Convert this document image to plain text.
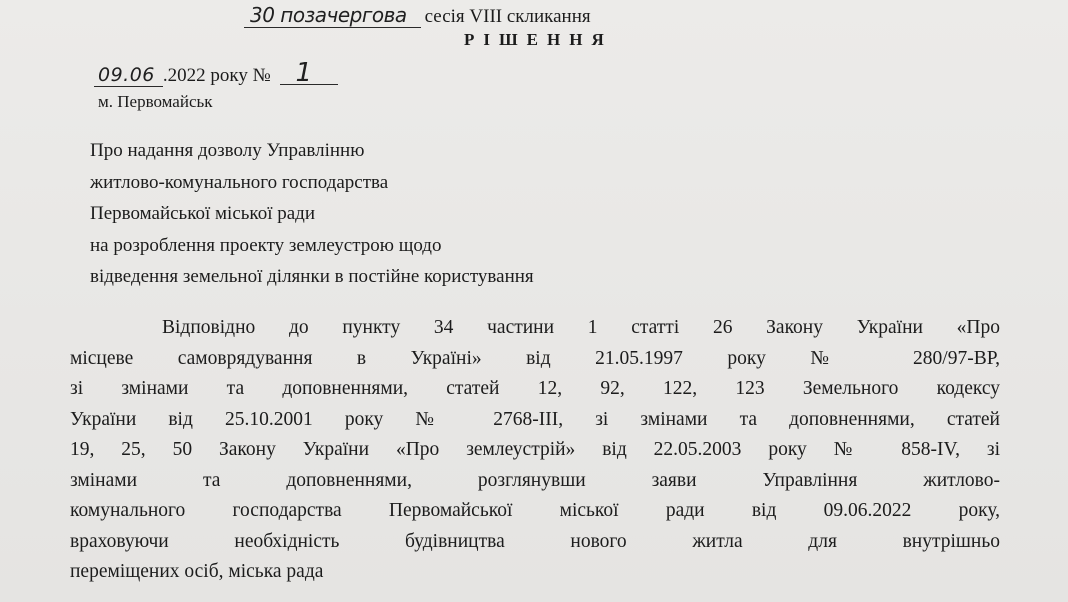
30 позачергова сесія VIII скликання
РІШЕННЯ
09.06 .2022 року № 1
м. Первомайськ
Про надання дозволу Управлінню
житлово-комунального господарства
Первомайської міської ради
на розроблення проекту землеустрою щодо
відведення земельної ділянки в постійне користування
Відповідно до пункту 34 частини 1 статті 26 Закону України «Про
місцеве самоврядування в Україні» від 21.05.1997 року № 280/97-ВР,
зі змінами та доповненнями, статей 12, 92, 122, 123 Земельного кодексу
України від 25.10.2001 року № 2768-ІІІ, зі змінами та доповненнями, статей
19, 25, 50 Закону України «Про землеустрій» від 22.05.2003 року № 858-IV, зі
змінами та доповненнями, розглянувши заяви Управління житлово-
комунального господарства Первомайської міської ради від 09.06.2022 року,
враховуючи необхідність будівництва нового житла для внутрішньо
переміщених осіб, міська рада
